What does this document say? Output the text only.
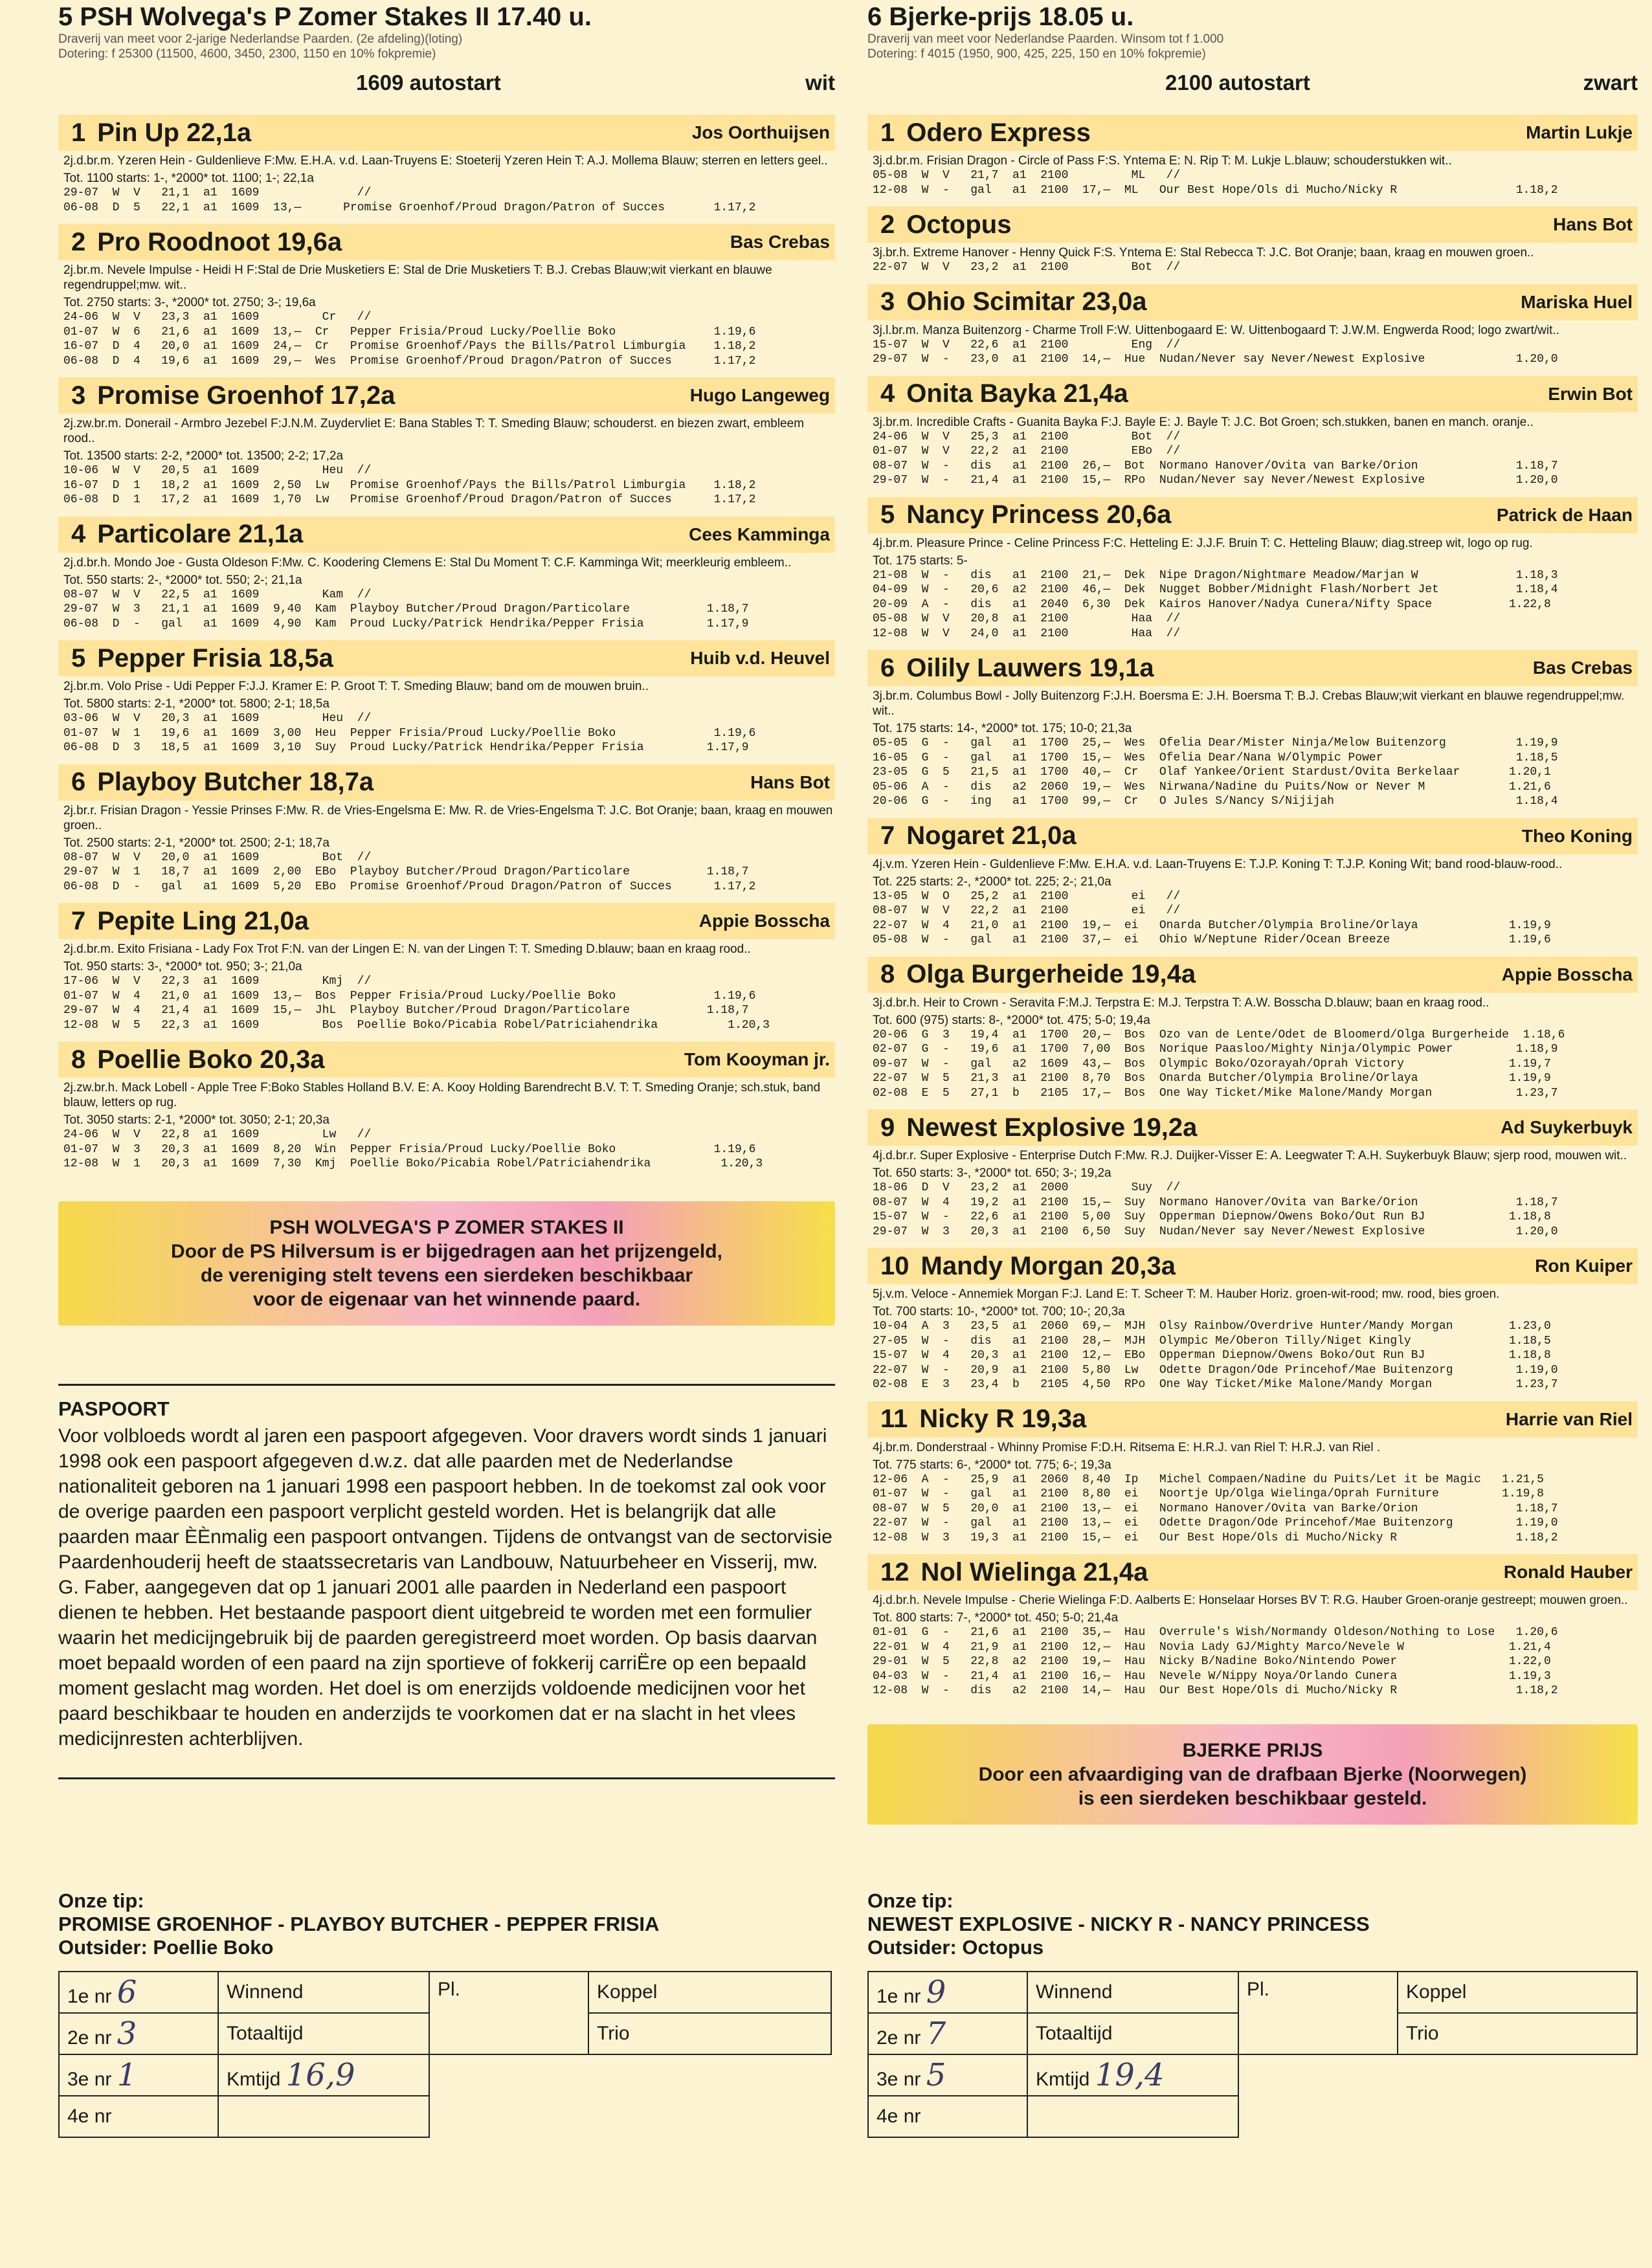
5 PSH Wolvega's P Zomer Stakes II 17.40 u.
Draverij van meet voor 2-jarige Nederlandse Paarden. (2e afdeling)(loting)
Dotering: f 25300 (11500, 4600, 3450, 2300, 1150 en 10% fokpremie)
1609 autostart	wit
1 Pin Up 22,1a	Jos Oorthuijsen
2j.d.br.m. Yzeren Hein - Guldenlieve F:Mw. E.H.A. v.d. Laan-Truyens E: Stoeterij Yzeren Hein T: A.J. Mollema Blauw; sterren en letters geel..
Tot. 1100 starts: 1-, *2000* tot. 1100; 1-; 22,1a
29-07  W  V   21,1  a1  1609              //
06-08  D  5   22,1  a1  1609  13,—      Promise Groenhof/Proud Dragon/Patron of Succes       1.17,2
2 Pro Roodnoot 19,6a	Bas Crebas
2j.br.m. Nevele Impulse - Heidi H F:Stal de Drie Musketiers E: Stal de Drie Musketiers T: B.J. Crebas Blauw;wit vierkant en blauwe regendruppel;mw. wit..
Tot. 2750 starts: 3-, *2000* tot. 2750; 3-; 19,6a
24-06  W  V   23,3  a1  1609         Cr   //
01-07  W  6   21,6  a1  1609  13,—  Cr   Pepper Frisia/Proud Lucky/Poellie Boko              1.19,6
16-07  D  4   20,0  a1  1609  24,—  Cr   Promise Groenhof/Pays the Bills/Patrol Limburgia    1.18,2
06-08  D  4   19,6  a1  1609  29,—  Wes  Promise Groenhof/Proud Dragon/Patron of Succes      1.17,2
3 Promise Groenhof 17,2a	Hugo Langeweg
2j.zw.br.m. Donerail - Armbro Jezebel F:J.N.M. Zuydervliet E: Bana Stables T: T. Smeding Blauw; schouderst. en biezen zwart, embleem rood..
Tot. 13500 starts: 2-2, *2000* tot. 13500; 2-2; 17,2a
10-06  W  V   20,5  a1  1609         Heu  //
16-07  D  1   18,2  a1  1609  2,50  Lw   Promise Groenhof/Pays the Bills/Patrol Limburgia    1.18,2
06-08  D  1   17,2  a1  1609  1,70  Lw   Promise Groenhof/Proud Dragon/Patron of Succes      1.17,2
4 Particolare 21,1a	Cees Kamminga
2j.d.br.h. Mondo Joe - Gusta Oldeson F:Mw. C. Koodering Clemens E: Stal Du Moment T: C.F. Kamminga Wit; meerkleurig embleem..
Tot. 550 starts: 2-, *2000* tot. 550; 2-; 21,1a
08-07  W  V   22,5  a1  1609         Kam  //
29-07  W  3   21,1  a1  1609  9,40  Kam  Playboy Butcher/Proud Dragon/Particolare           1.18,7
06-08  D  -   gal   a1  1609  4,90  Kam  Proud Lucky/Patrick Hendrika/Pepper Frisia         1.17,9
5 Pepper Frisia 18,5a	Huib v.d. Heuvel
2j.br.m. Volo Prise - Udi Pepper F:J.J. Kramer E: P. Groot T: T. Smeding Blauw; band om de mouwen bruin..
Tot. 5800 starts: 2-1, *2000* tot. 5800; 2-1; 18,5a
03-06  W  V   20,3  a1  1609         Heu  //
01-07  W  1   19,6  a1  1609  3,00  Heu  Pepper Frisia/Proud Lucky/Poellie Boko              1.19,6
06-08  D  3   18,5  a1  1609  3,10  Suy  Proud Lucky/Patrick Hendrika/Pepper Frisia         1.17,9
6 Playboy Butcher 18,7a	Hans Bot
2j.br.r. Frisian Dragon - Yessie Prinses F:Mw. R. de Vries-Engelsma E: Mw. R. de Vries-Engelsma T: J.C. Bot Oranje; baan, kraag en mouwen groen..
Tot. 2500 starts: 2-1, *2000* tot. 2500; 2-1; 18,7a
08-07  W  V   20,0  a1  1609         Bot  //
29-07  W  1   18,7  a1  1609  2,00  EBo  Playboy Butcher/Proud Dragon/Particolare           1.18,7
06-08  D  -   gal   a1  1609  5,20  EBo  Promise Groenhof/Proud Dragon/Patron of Succes      1.17,2
7 Pepite Ling 21,0a	Appie Bosscha
2j.d.br.m. Exito Frisiana - Lady Fox Trot F:N. van der Lingen E: N. van der Lingen T: T. Smeding D.blauw; baan en kraag rood..
Tot. 950 starts: 3-, *2000* tot. 950; 3-; 21,0a
17-06  W  V   22,3  a1  1609         Kmj  //
01-07  W  4   21,0  a1  1609  13,—  Bos  Pepper Frisia/Proud Lucky/Poellie Boko              1.19,6
29-07  W  4   21,4  a1  1609  15,—  JhL  Playboy Butcher/Proud Dragon/Particolare           1.18,7
12-08  W  5   22,3  a1  1609         Bos  Poellie Boko/Picabia Robel/Patriciahendrika          1.20,3
8 Poellie Boko 20,3a	Tom Kooyman jr.
2j.zw.br.h. Mack Lobell - Apple Tree F:Boko Stables Holland B.V. E: A. Kooy Holding Barendrecht B.V. T: T. Smeding Oranje; sch.stuk, band blauw, letters op rug.
Tot. 3050 starts: 2-1, *2000* tot. 3050; 2-1; 20,3a
24-06  W  V   22,8  a1  1609         Lw   //
01-07  W  3   20,3  a1  1609  8,20  Win  Pepper Frisia/Proud Lucky/Poellie Boko              1.19,6
12-08  W  1   20,3  a1  1609  7,30  Kmj  Poellie Boko/Picabia Robel/Patriciahendrika          1.20,3
PSH WOLVEGA'S P ZOMER STAKES II
Door de PS Hilversum is er bijgedragen aan het prijzengeld,
de vereniging stelt tevens een sierdeken beschikbaar
voor de eigenaar van het winnende paard.
PASPOORT
Voor volbloeds wordt al jaren een paspoort afgegeven. Voor dravers wordt sinds 1 januari 1998 ook een paspoort afgegeven d.w.z. dat alle paarden met de Nederlandse nationaliteit geboren na 1 januari 1998 een paspoort hebben. In de toekomst zal ook voor de overige paarden een paspoort verplicht gesteld worden. Het is belangrijk dat alle paarden maar ÈÈnmalig een paspoort ontvangen. Tijdens de ontvangst van de sectorvisie Paardenhouderij heeft de staatssecretaris van Landbouw, Natuurbeheer en Visserij, mw. G. Faber, aangegeven dat op 1 januari 2001 alle paarden in Nederland een paspoort dienen te hebben. Het bestaande paspoort dient uitgebreid te worden met een formulier waarin het medicijngebruik bij de paarden geregistreerd moet worden. Op basis daarvan moet bepaald worden of een paard na zijn sportieve of fokkerij carriËre op een bepaald moment geslacht mag worden. Het doel is om enerzijds voldoende medicijnen voor het paard beschikbaar te houden en anderzijds te voorkomen dat er na slacht in het vlees medicijnresten achterblijven.
Onze tip:
PROMISE GROENHOF - PLAYBOY BUTCHER - PEPPER FRISIA
Outsider: Poellie Boko
1e nr 6	Winnend	Pl.	Koppel
2e nr 3	Totaaltijd		Trio
3e nr 1	Kmtijd 16,9		
4e nr			
6 Bjerke-prijs 18.05 u.
Draverij van meet voor Nederlandse Paarden. Winsom tot f 1.000
Dotering: f 4015 (1950, 900, 425, 225, 150 en 10% fokpremie)
2100 autostart	zwart
1 Odero Express	Martin Lukje
3j.d.br.m. Frisian Dragon - Circle of Pass F:S. Yntema E: N. Rip T: M. Lukje L.blauw; schouderstukken wit..
05-08  W  V   21,7  a1  2100         ML   //
12-08  W  -   gal   a1  2100  17,—  ML   Our Best Hope/Ols di Mucho/Nicky R                 1.18,2
2 Octopus	Hans Bot
3j.br.h. Extreme Hanover - Henny Quick F:S. Yntema E: Stal Rebecca T: J.C. Bot Oranje; baan, kraag en mouwen groen..
22-07  W  V   23,2  a1  2100         Bot  //
3 Ohio Scimitar 23,0a	Mariska Huel
3j.l.br.m. Manza Buitenzorg - Charme Troll F:W. Uittenbogaard E: W. Uittenbogaard T: J.W.M. Engwerda Rood; logo zwart/wit..
15-07  W  V   22,6  a1  2100         Eng  //
29-07  W  -   23,0  a1  2100  14,—  Hue  Nudan/Never say Never/Newest Explosive             1.20,0
4 Onita Bayka 21,4a	Erwin Bot
3j.br.m. Incredible Crafts - Guanita Bayka F:J. Bayle E: J. Bayle T: J.C. Bot Groen; sch.stukken, banen en manch. oranje..
24-06  W  V   25,3  a1  2100         Bot  //
01-07  W  V   22,2  a1  2100         EBo  //
08-07  W  -   dis   a1  2100  26,—  Bot  Normano Hanover/Ovita van Barke/Orion              1.18,7
29-07  W  -   21,4  a1  2100  15,—  RPo  Nudan/Never say Never/Newest Explosive             1.20,0
5 Nancy Princess 20,6a	Patrick de Haan
4j.br.m. Pleasure Prince - Celine Princess F:C. Hetteling E: J.J.F. Bruin T: C. Hetteling Blauw; diag.streep wit, logo op rug.
Tot. 175 starts: 5-
21-08  W  -   dis   a1  2100  21,—  Dek  Nipe Dragon/Nightmare Meadow/Marjan W              1.18,3
04-09  W  -   20,6  a2  2100  46,—  Dek  Nugget Bobber/Midnight Flash/Norbert Jet           1.18,4
20-09  A  -   dis   a1  2040  6,30  Dek  Kairos Hanover/Nadya Cunera/Nifty Space           1.22,8
05-08  W  V   20,8  a1  2100         Haa  //
12-08  W  V   24,0  a1  2100         Haa  //
6 Oilily Lauwers 19,1a	Bas Crebas
3j.br.m. Columbus Bowl - Jolly Buitenzorg F:J.H. Boersma E: J.H. Boersma T: B.J. Crebas Blauw;wit vierkant en blauwe regendruppel;mw. wit..
Tot. 175 starts: 14-, *2000* tot. 175; 10-0; 21,3a
05-05  G  -   gal   a1  1700  25,—  Wes  Ofelia Dear/Mister Ninja/Melow Buitenzorg          1.19,9
16-05  G  -   gal   a1  1700  15,—  Wes  Ofelia Dear/Nana W/Olympic Power                   1.18,5
23-05  G  5   21,5  a1  1700  40,—  Cr   Olaf Yankee/Orient Stardust/Ovita Berkelaar       1.20,1
05-06  A  -   dis   a2  2060  19,—  Wes  Nirwana/Nadine du Puits/Now or Never M            1.21,6
20-06  G  -   ing   a1  1700  99,—  Cr   O Jules S/Nancy S/Nijijah                          1.18,4
7 Nogaret 21,0a	Theo Koning
4j.v.m. Yzeren Hein - Guldenlieve F:Mw. E.H.A. v.d. Laan-Truyens E: T.J.P. Koning T: T.J.P. Koning Wit; band rood-blauw-rood..
Tot. 225 starts: 2-, *2000* tot. 225; 2-; 21,0a
13-05  W  O   25,2  a1  2100         ei   //
08-07  W  V   22,2  a1  2100         ei   //
22-07  W  4   21,0  a1  2100  19,—  ei   Onarda Butcher/Olympia Broline/Orlaya             1.19,9
05-08  W  -   gal   a1  2100  37,—  ei   Ohio W/Neptune Rider/Ocean Breeze                 1.19,6
8 Olga Burgerheide 19,4a	Appie Bosscha
3j.d.br.h. Heir to Crown - Seravita F:M.J. Terpstra E: M.J. Terpstra T: A.W. Bosscha D.blauw; baan en kraag rood..
Tot. 600 (975) starts: 8-, *2000* tot. 475; 5-0; 19,4a
20-06  G  3   19,4  a1  1700  20,—  Bos  Ozo van de Lente/Odet de Bloomerd/Olga Burgerheide  1.18,6
02-07  G  -   19,6  a1  1700  7,00  Bos  Norique Paasloo/Mighty Ninja/Olympic Power         1.18,9
09-07  W  -   gal   a2  1609  43,—  Bos  Olympic Boko/Ozorayah/Oprah Victory               1.19,7
22-07  W  5   21,3  a1  2100  8,70  Bos  Onarda Butcher/Olympia Broline/Orlaya             1.19,9
02-08  E  5   27,1  b   2105  17,—  Bos  One Way Ticket/Mike Malone/Mandy Morgan            1.23,7
9 Newest Explosive 19,2a	Ad Suykerbuyk
4j.d.br.r. Super Explosive - Enterprise Dutch F:Mw. R.J. Duijker-Visser E: A. Leegwater T: A.H. Suykerbuyk Blauw; sjerp rood, mouwen wit..
Tot. 650 starts: 3-, *2000* tot. 650; 3-; 19,2a
18-06  D  V   23,2  a1  2000         Suy  //
08-07  W  4   19,2  a1  2100  15,—  Suy  Normano Hanover/Ovita van Barke/Orion              1.18,7
15-07  W  -   22,6  a1  2100  5,00  Suy  Opperman Diepnow/Owens Boko/Out Run BJ            1.18,8
29-07  W  3   20,3  a1  2100  6,50  Suy  Nudan/Never say Never/Newest Explosive             1.20,0
10 Mandy Morgan 20,3a	Ron Kuiper
5j.v.m. Veloce - Annemiek Morgan F:J. Land E: T. Scheer T: M. Hauber Horiz. groen-wit-rood; mw. rood, bies groen.
Tot. 700 starts: 10-, *2000* tot. 700; 10-; 20,3a
10-04  A  3   23,5  a1  2060  69,—  MJH  Olsy Rainbow/Overdrive Hunter/Mandy Morgan        1.23,0
27-05  W  -   dis   a1  2100  28,—  MJH  Olympic Me/Oberon Tilly/Niget Kingly              1.18,5
15-07  W  4   20,3  a1  2100  12,—  EBo  Opperman Diepnow/Owens Boko/Out Run BJ            1.18,8
22-07  W  -   20,9  a1  2100  5,80  Lw   Odette Dragon/Ode Princehof/Mae Buitenzorg         1.19,0
02-08  E  3   23,4  b   2105  4,50  RPo  One Way Ticket/Mike Malone/Mandy Morgan            1.23,7
11 Nicky R 19,3a	Harrie van Riel
4j.br.m. Donderstraal - Whinny Promise F:D.H. Ritsema E: H.R.J. van Riel T: H.R.J. van Riel .
Tot. 775 starts: 6-, *2000* tot. 775; 6-; 19,3a
12-06  A  -   25,9  a1  2060  8,40  Ip   Michel Compaen/Nadine du Puits/Let it be Magic   1.21,5
01-07  W  -   gal   a1  2100  8,80  ei   Noortje Up/Olga Wielinga/Oprah Furniture         1.19,8
08-07  W  5   20,0  a1  2100  13,—  ei   Normano Hanover/Ovita van Barke/Orion              1.18,7
22-07  W  -   gal   a1  2100  13,—  ei   Odette Dragon/Ode Princehof/Mae Buitenzorg         1.19,0
12-08  W  3   19,3  a1  2100  15,—  ei   Our Best Hope/Ols di Mucho/Nicky R                 1.18,2
12 Nol Wielinga 21,4a	Ronald Hauber
4j.d.br.h. Nevele Impulse - Cherie Wielinga F:D. Aalberts E: Honselaar Horses BV T: R.G. Hauber Groen-oranje gestreept; mouwen groen..
Tot. 800 starts: 7-, *2000* tot. 450; 5-0; 21,4a
01-01  G  -   21,6  a1  2100  35,—  Hau  Overrule's Wish/Normandy Oldeson/Nothing to Lose   1.20,6
22-01  W  4   21,9  a1  2100  12,—  Hau  Novia Lady GJ/Mighty Marco/Nevele W               1.21,4
29-01  W  5   22,8  a2  2100  19,—  Hau  Nicky B/Nadine Boko/Nintendo Power                1.22,0
04-03  W  -   21,4  a1  2100  16,—  Hau  Nevele W/Nippy Noya/Orlando Cunera                1.19,3
12-08  W  -   dis   a2  2100  14,—  Hau  Our Best Hope/Ols di Mucho/Nicky R                 1.18,2
BJERKE PRIJS
Door een afvaardiging van de drafbaan Bjerke (Noorwegen)
is een sierdeken beschikbaar gesteld.
Onze tip:
NEWEST EXPLOSIVE - NICKY R - NANCY PRINCESS
Outsider: Octopus
1e nr 9	Winnend	Pl.	Koppel
2e nr 7	Totaaltijd		Trio
3e nr 5	Kmtijd 19,4		
4e nr			
